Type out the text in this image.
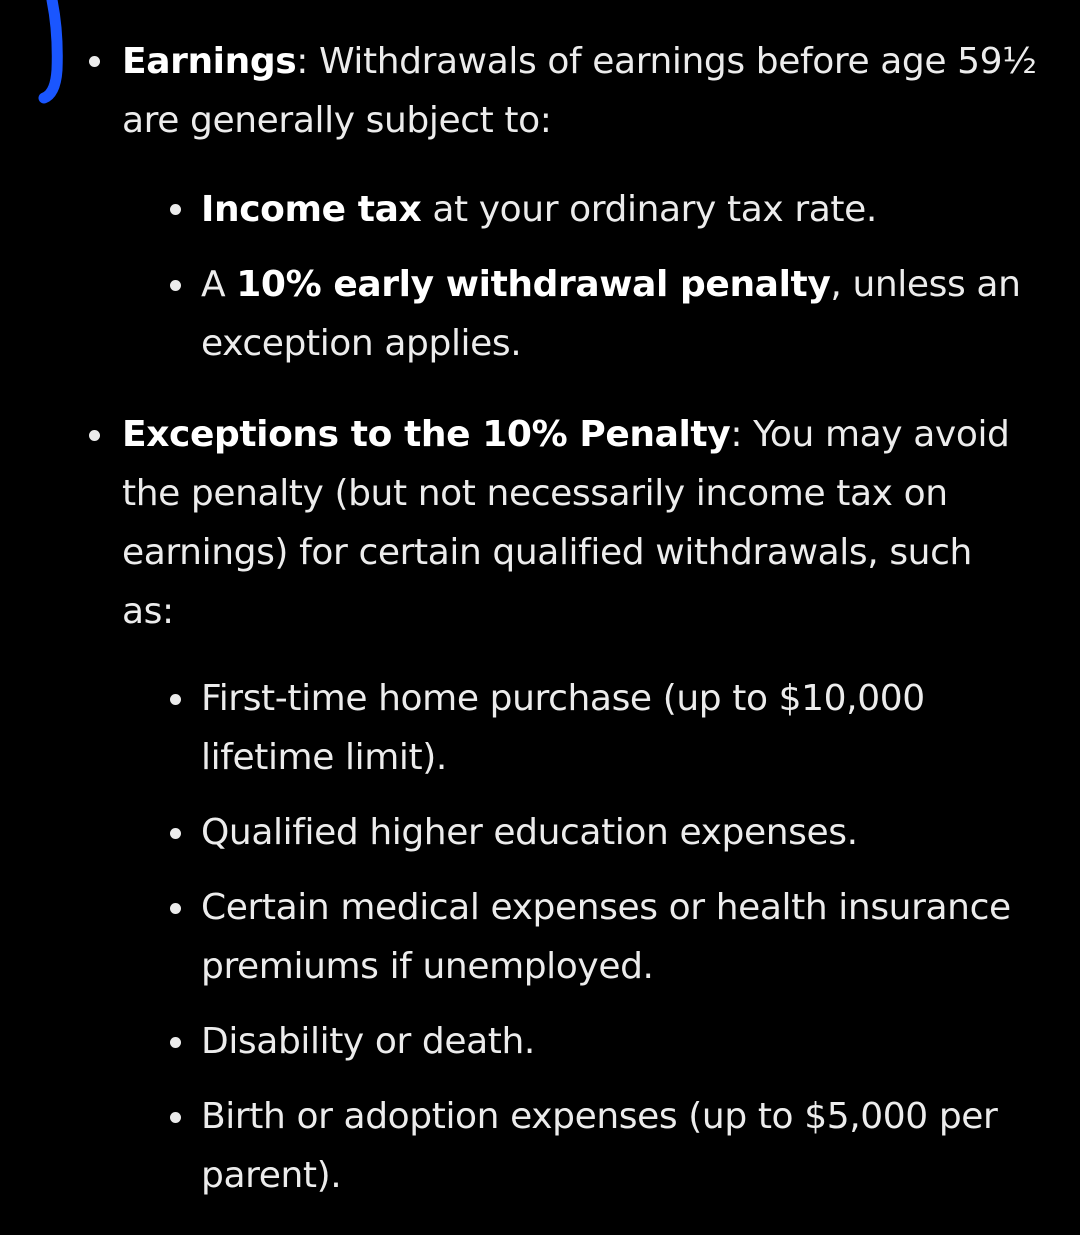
Earnings: Withdrawals of earnings before age 59½
are generally subject to:
Income tax at your ordinary tax rate.
A 10% early withdrawal penalty, unless an
exception applies.
Exceptions to the 10% Penalty: You may avoid
the penalty (but not necessarily income tax on
earnings) for certain qualified withdrawals, such
as:
First-time home purchase (up to $10,000
lifetime limit).
Qualified higher education expenses.
Certain medical expenses or health insurance
premiums if unemployed.
Disability or death.
Birth or adoption expenses (up to $5,000 per
parent).
